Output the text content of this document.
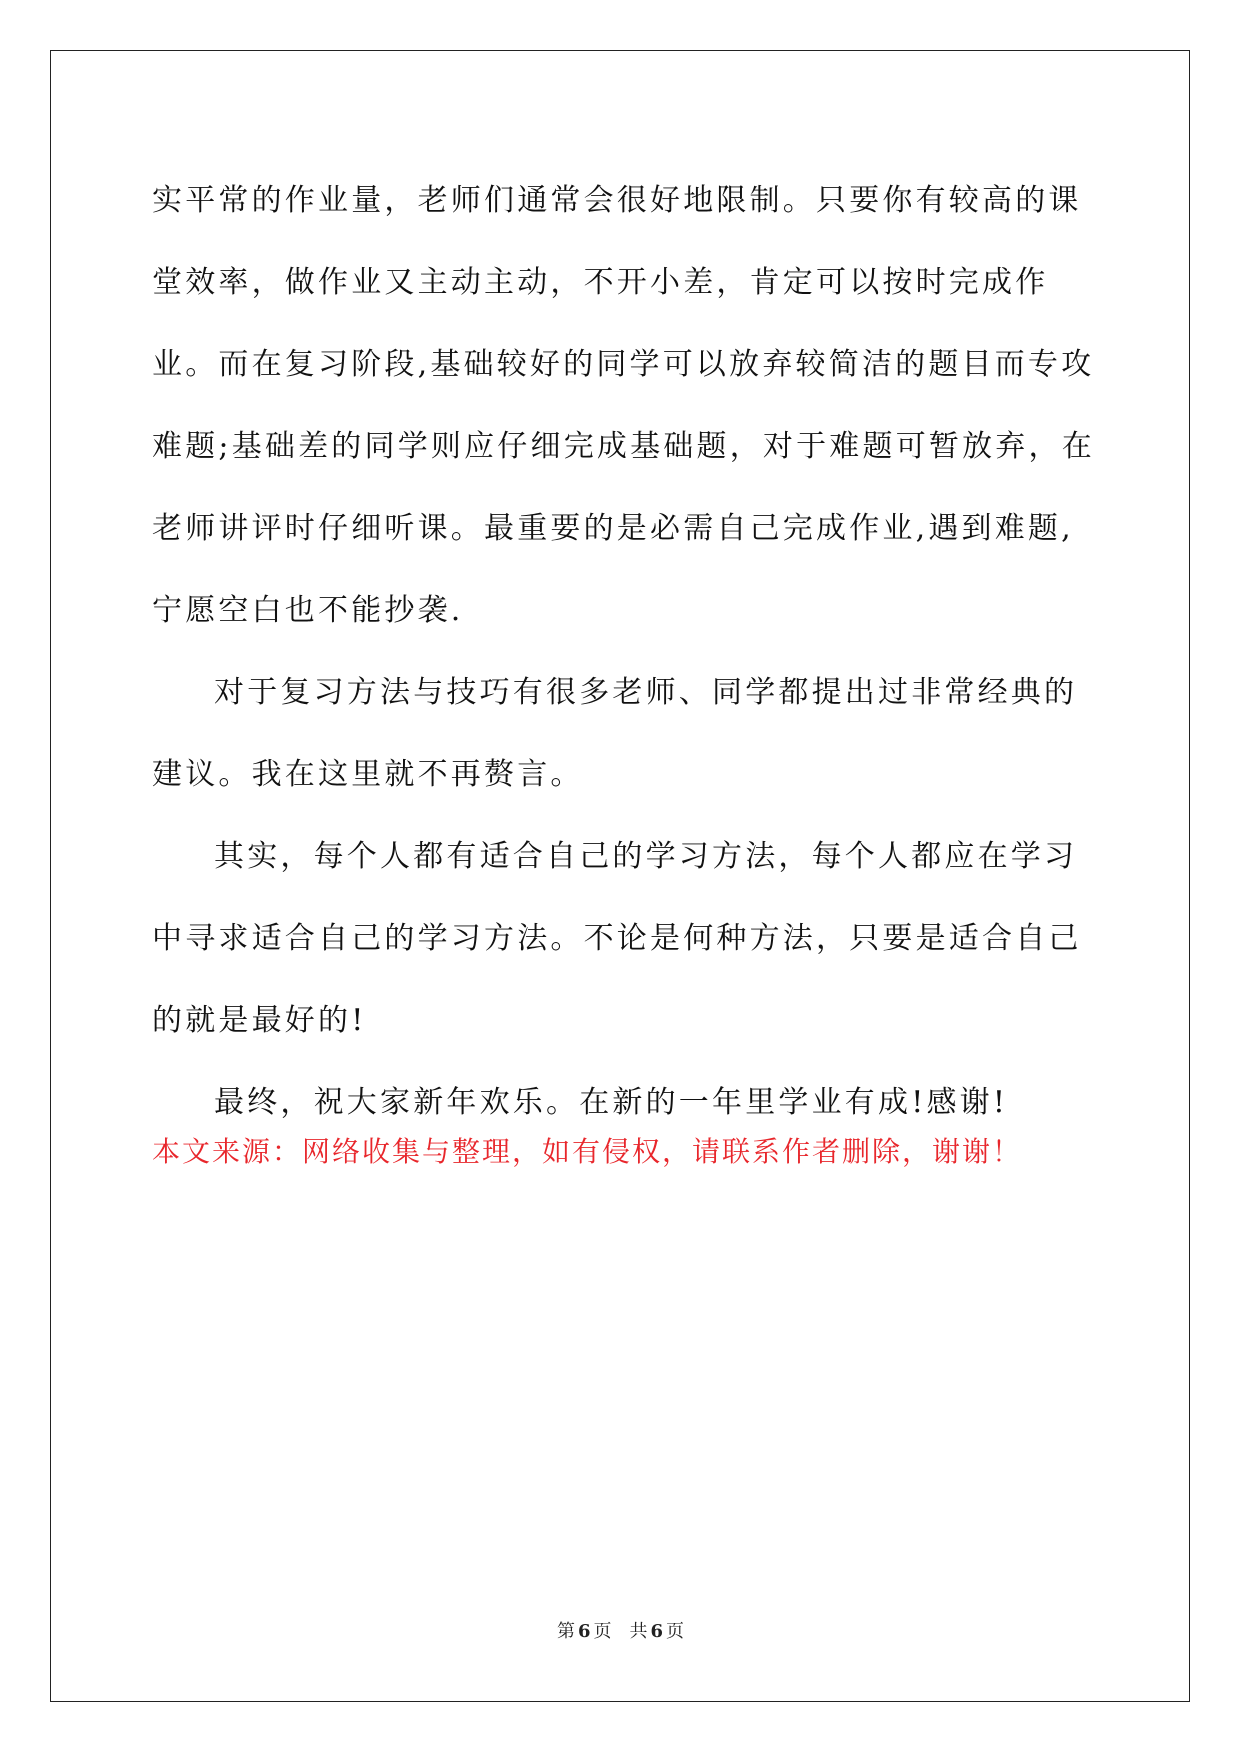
实平常的作业量，老师们通常会很好地限制。只要你有较高的课堂效率，做作业又主动主动，不开小差，肯定可以按时完成作业。而在复习阶段,基础较好的同学可以放弃较简洁的题目而专攻难题;基础差的同学则应仔细完成基础题，对于难题可暂放弃，在老师讲评时仔细听课。最重要的是必需自己完成作业,遇到难题,宁愿空白也不能抄袭.

对于复习方法与技巧有很多老师、同学都提出过非常经典的建议。我在这里就不再赘言。

其实，每个人都有适合自己的学习方法，每个人都应在学习中寻求适合自己的学习方法。不论是何种方法，只要是适合自己的就是最好的!

最终，祝大家新年欢乐。在新的一年里学业有成!感谢!

本文来源：网络收集与整理，如有侵权，请联系作者删除，谢谢！

第 6 页 共 6 页
